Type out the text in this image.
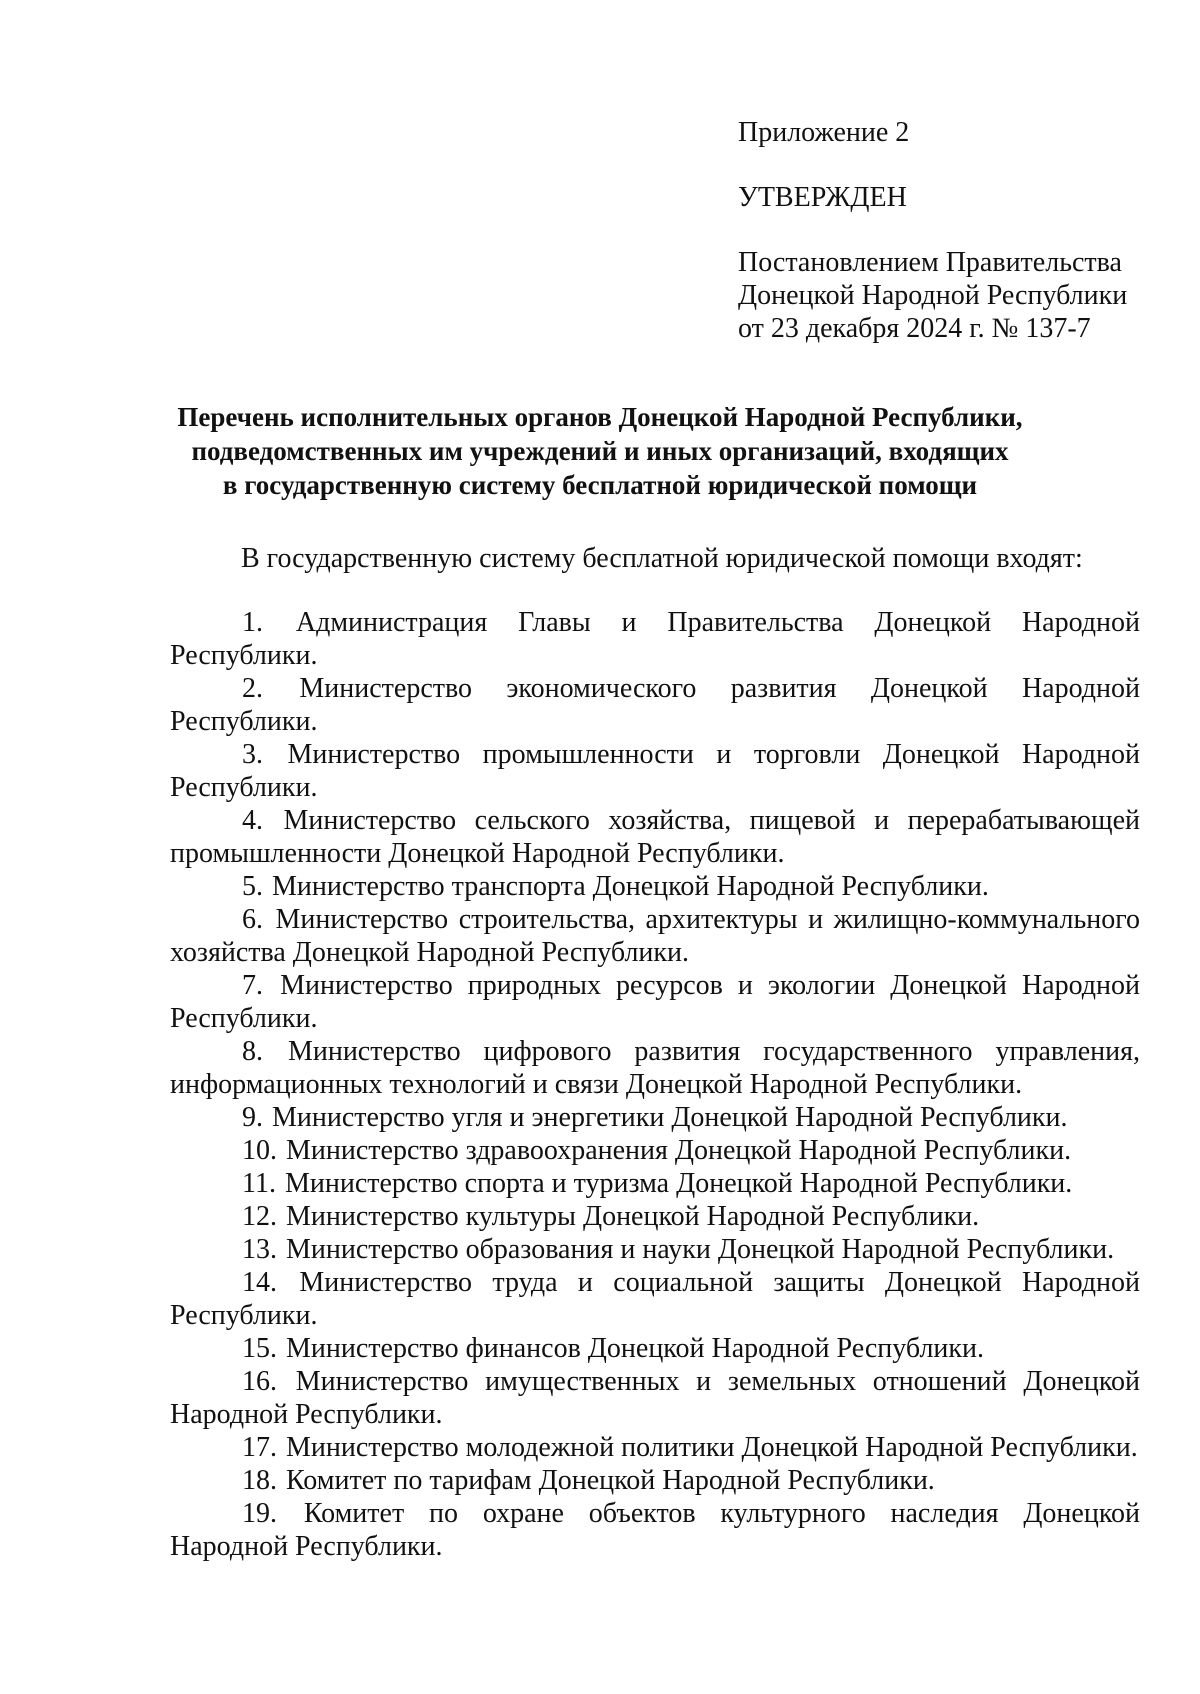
Приложение 2
УТВЕРЖДЕН
Постановлением Правительства
Донецкой Народной Республики
от 23 декабря 2024 г. № 137-7
Перечень исполнительных органов Донецкой Народной Республики,
подведомственных им учреждений и иных организаций, входящих
в государственную систему бесплатной юридической помощи
В государственную систему бесплатной юридической помощи входят:

1. Администрация Главы и Правительства Донецкой Народной Республики.

2. Министерство экономического развития Донецкой Народной Республики.

3. Министерство промышленности и торговли Донецкой Народной Республики.

4. Министерство сельского хозяйства, пищевой и перерабатывающей промышленности Донецкой Народной Республики.

5. Министерство транспорта Донецкой Народной Республики.

6. Министерство строительства, архитектуры и жилищно-коммунального хозяйства Донецкой Народной Республики.

7. Министерство природных ресурсов и экологии Донецкой Народной Республики.

8. Министерство цифрового развития государственного управления, информационных технологий и связи Донецкой Народной Республики.

9. Министерство угля и энергетики Донецкой Народной Республики.

10. Министерство здравоохранения Донецкой Народной Республики.

11. Министерство спорта и туризма Донецкой Народной Республики.

12. Министерство культуры Донецкой Народной Республики.

13. Министерство образования и науки Донецкой Народной Республики.

14. Министерство труда и социальной защиты Донецкой Народной Республики.

15. Министерство финансов Донецкой Народной Республики.

16. Министерство имущественных и земельных отношений Донецкой Народной Республики.

17. Министерство молодежной политики Донецкой Народной Республики.

18. Комитет по тарифам Донецкой Народной Республики.

19. Комитет по охране объектов культурного наследия Донецкой Народной Республики.
